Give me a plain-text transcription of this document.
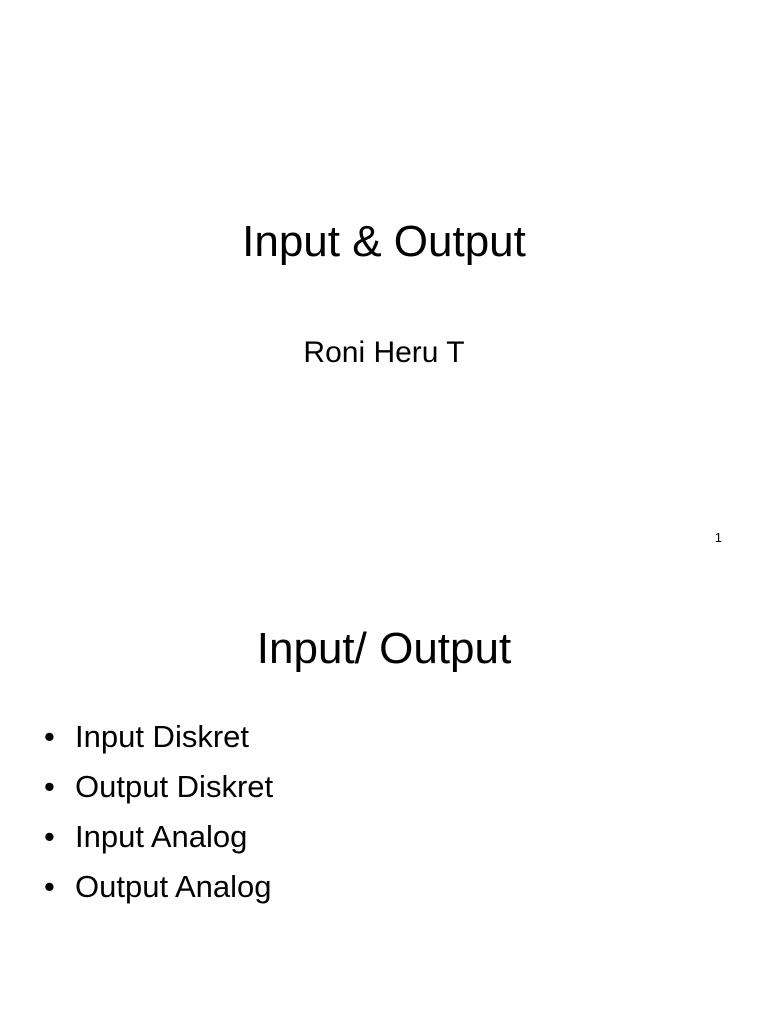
Input & Output
Roni Heru T
1
Input/ Output
• Input Diskret
• Output Diskret
• Input Analog
• Output Analog
